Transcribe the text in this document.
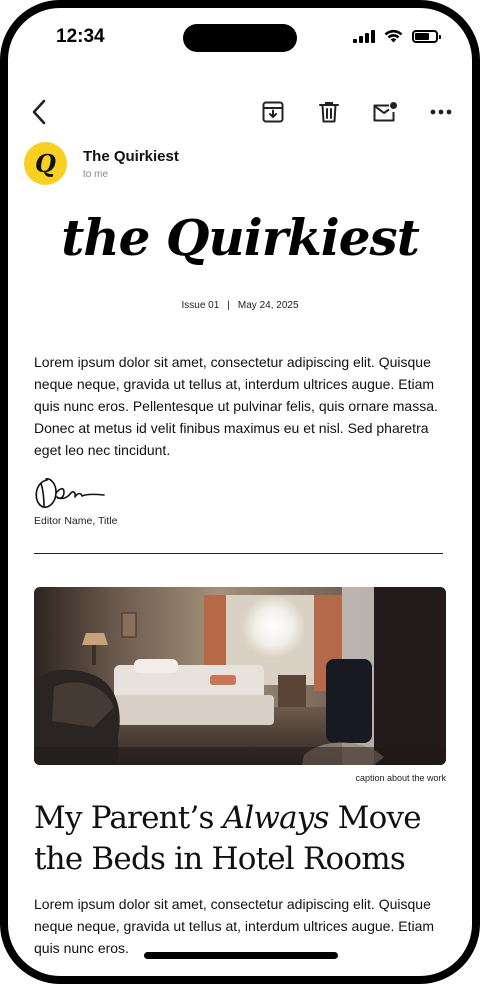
12:34
Q	The Quirkiest
to me
the Quirkiest
Issue 01 | May 24, 2025
Lorem ipsum dolor sit amet, consectetur adipiscing elit. Quisque neque neque, gravida ut tellus at, interdum ultrices augue. Etiam quis nunc eros. Pellentesque ut pulvinar felis, quis ornare massa. Donec at metus id velit finibus maximus eu et nisl. Sed pharetra eget leo nec tincidunt.
Editor Name, Title
caption about the work
My Parent’s Always Move the Beds in Hotel Rooms
Lorem ipsum dolor sit amet, consectetur adipiscing elit. Quisque neque neque, gravida ut tellus at, interdum ultrices augue. Etiam quis nunc eros.
